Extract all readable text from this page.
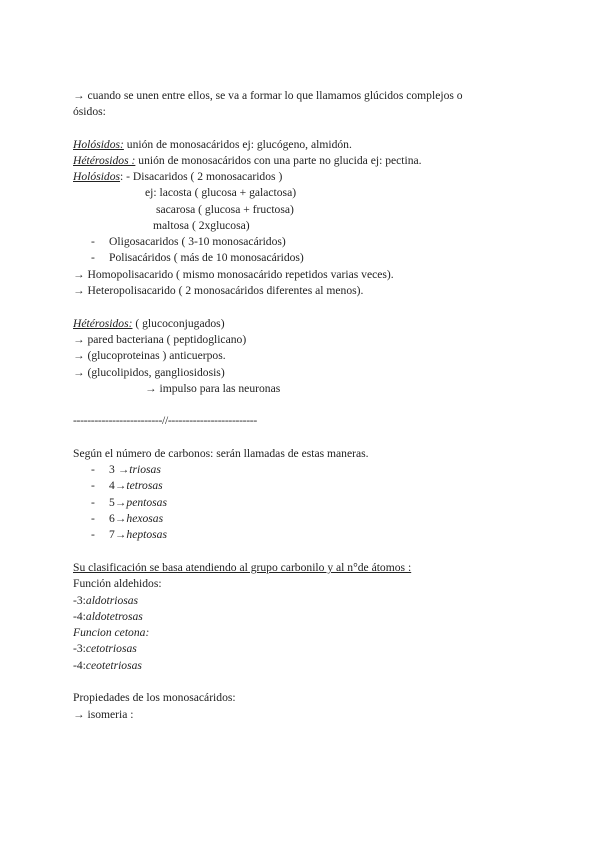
→ cuando se unen entre ellos, se va a formar lo que llamamos glúcidos complejos o
ósidos:
Holósidos: unión de monosacáridos ej: glucógeno, almidón.
Hétérosidos : unión de monosacáridos con una parte no glucida ej: pectina.
Holósidos: - Disacaridos ( 2 monosacaridos )
ej: lacosta ( glucosa + galactosa)
sacarosa ( glucosa + fructosa)
maltosa ( 2xglucosa)
- Oligosacaridos ( 3-10 monosacáridos)
- Polisacáridos ( más de 10 monosacáridos)
→ Homopolisacarido ( mismo monosacárido repetidos varias veces).
→ Heteropolisacarido ( 2 monosacáridos diferentes al menos).
Hétérosidos: ( glucoconjugados)
→ pared bacteriana ( peptidoglicano)
→ (glucoproteinas ) anticuerpos.
→ (glucolipidos, gangliosidosis)
→ impulso para las neuronas
-------------------------//-------------------------
Según el número de carbonos: serán llamadas de estas maneras.
- 3 →triosas
- 4→tetrosas
- 5→pentosas
- 6→hexosas
- 7→heptosas
Su clasificación se basa atendiendo al grupo carbonilo y al n°de átomos :
Función aldehidos:
-3:aldotriosas
-4:aldotetrosas
Funcion cetona:
-3:cetotriosas
-4:ceotetriosas
Propiedades de los monosacáridos:
→ isomeria :
